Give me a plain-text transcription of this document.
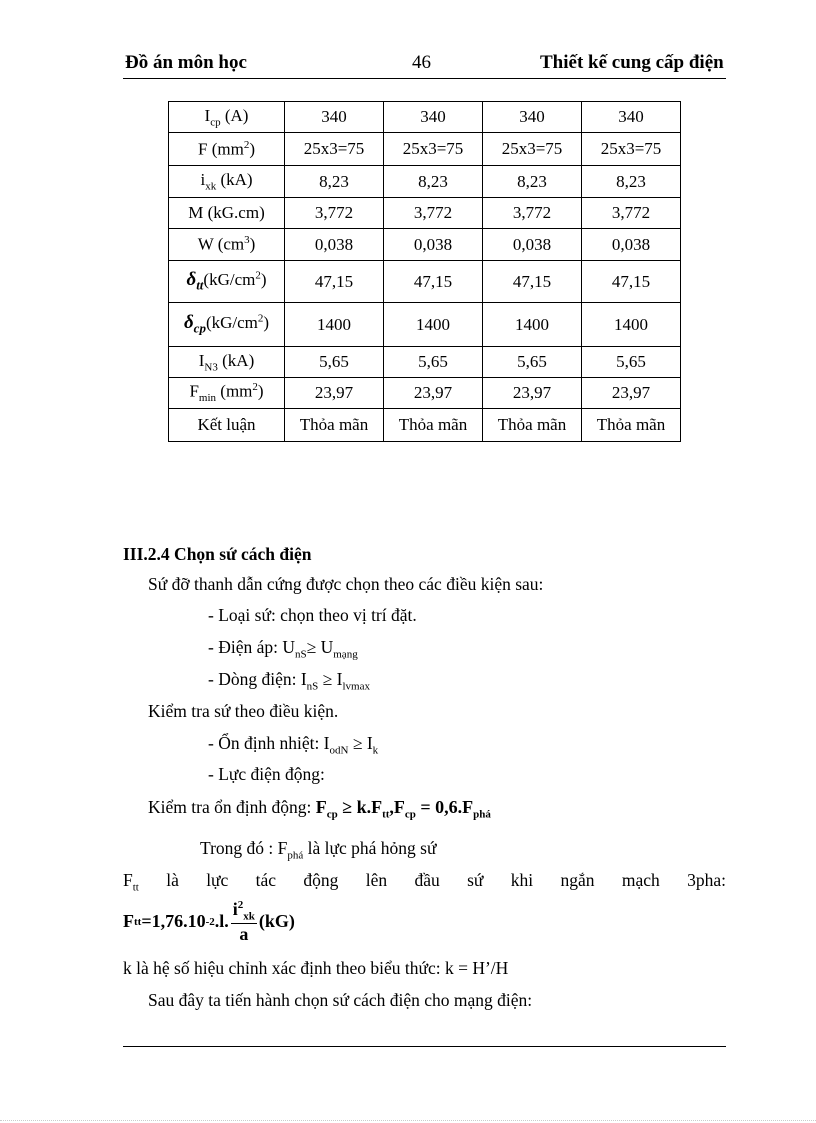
Đồ án môn học	46	Thiết kế cung cấp điện
$I_{cp}$ (A)	340	340	340	340
F $(mm^2)$	25x3=75	25x3=75	25x3=75	25x3=75
$i_{xk}$ (kA)	8,23	8,23	8,23	8,23
M (kG.cm)	3,772	3,772	3,772	3,772
W $(cm^3)$	0,038	0,038	0,038	0,038
$\delta_{tt}(kG/cm^2)$	47,15	47,15	47,15	47,15
$\delta_{cp}(kG/cm^2)$	1400	1400	1400	1400
$I_{N3}$ (kA)	5,65	5,65	5,65	5,65
$F_{min}$ $(mm^2)$	23,97	23,97	23,97	23,97
Kết luận	Thỏa mãn	Thỏa mãn	Thỏa mãn	Thỏa mãn
III.2.4 Chọn sứ cách điện
Sứ đỡ thanh dẫn cứng được chọn theo các điều kiện sau:
- Loại sứ: chọn theo vị trí đặt.
- Điện áp: $U_{nS}\ge U_{mạng}$
- Dòng điện: $I_{nS} \ge I_{lvmax}$
Kiểm tra sứ theo điều kiện.
- Ổn định nhiệt: $I_{odN} \ge I_k$
- Lực điện động:
Kiểm tra ổn định động: $F_{cp} \ge k.F_{tt},F_{cp} = 0,6.F_{phá}$
Trong đó : $F_{phá}$ là lực phá hỏng sứ
$F_{tt}$ là lực tác động lên đầu sứ khi ngắn mạch 3pha:
F tt =1,76.10 -2 .l.
$i^2_{xk}$
a
(kG)
k là hệ số hiệu chỉnh xác định theo biểu thức: k = H’/H
Sau đây ta tiến hành chọn sứ cách điện cho mạng điện:
